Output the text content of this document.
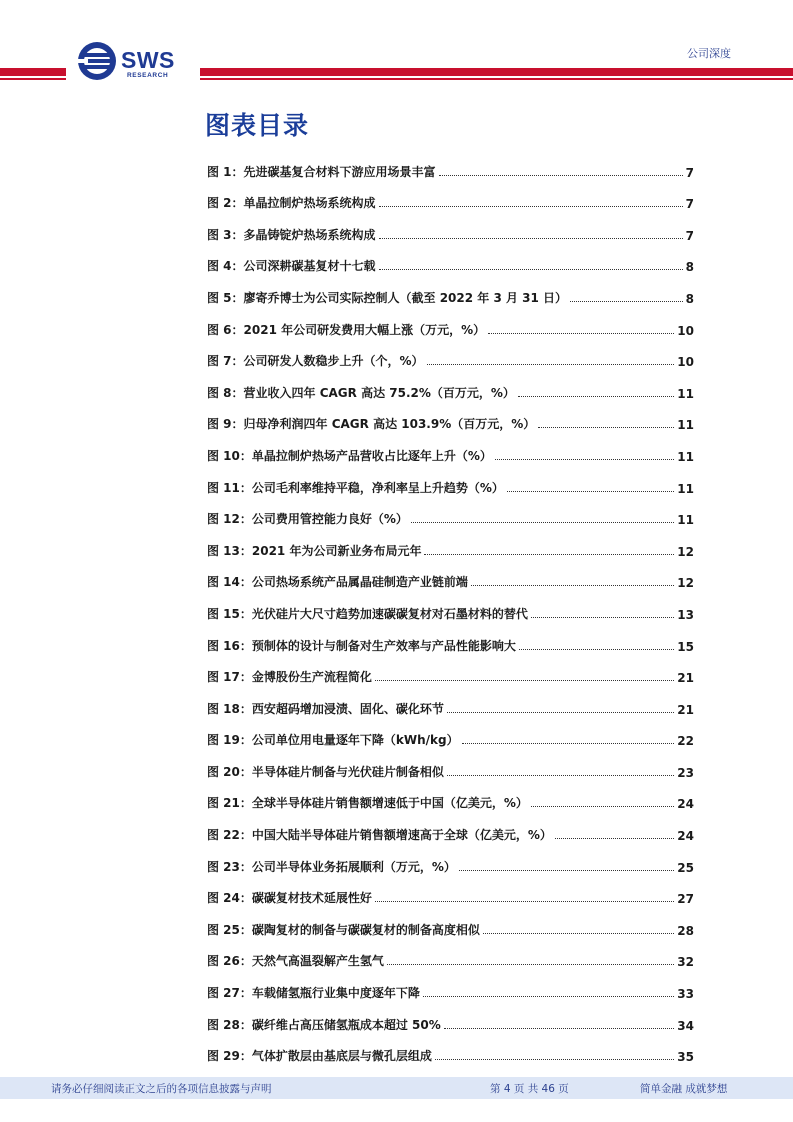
SWS
RESEARCH
公司深度
图表目录
图 1：先进碳基复合材料下游应用场景丰富	7
图 2：单晶拉制炉热场系统构成	7
图 3：多晶铸锭炉热场系统构成	7
图 4：公司深耕碳基复材十七载	8
图 5：廖寄乔博士为公司实际控制人（截至 2022 年 3 月 31 日）	8
图 6：2021 年公司研发费用大幅上涨（万元，%）	10
图 7：公司研发人数稳步上升（个，%）	10
图 8：营业收入四年 CAGR 高达 75.2%（百万元，%）	11
图 9：归母净利润四年 CAGR 高达 103.9%（百万元，%）	11
图 10：单晶拉制炉热场产品营收占比逐年上升（%）	11
图 11：公司毛利率维持平稳，净利率呈上升趋势（%）	11
图 12：公司费用管控能力良好（%）	11
图 13：2021 年为公司新业务布局元年	12
图 14：公司热场系统产品属晶硅制造产业链前端	12
图 15：光伏硅片大尺寸趋势加速碳碳复材对石墨材料的替代	13
图 16：预制体的设计与制备对生产效率与产品性能影响大	15
图 17：金博股份生产流程简化	21
图 18：西安超码增加浸渍、固化、碳化环节	21
图 19：公司单位用电量逐年下降（kWh/kg）	22
图 20：半导体硅片制备与光伏硅片制备相似	23
图 21：全球半导体硅片销售额增速低于中国（亿美元，%）	24
图 22：中国大陆半导体硅片销售额增速高于全球（亿美元，%）	24
图 23：公司半导体业务拓展顺利（万元，%）	25
图 24：碳碳复材技术延展性好	27
图 25：碳陶复材的制备与碳碳复材的制备高度相似	28
图 26：天然气高温裂解产生氢气	32
图 27：车载储氢瓶行业集中度逐年下降	33
图 28：碳纤维占高压储氢瓶成本超过 50%	34
图 29：气体扩散层由基底层与微孔层组成	35
请务必仔细阅读正文之后的各项信息披露与声明	第 4 页 共 46 页	简单金融 成就梦想
